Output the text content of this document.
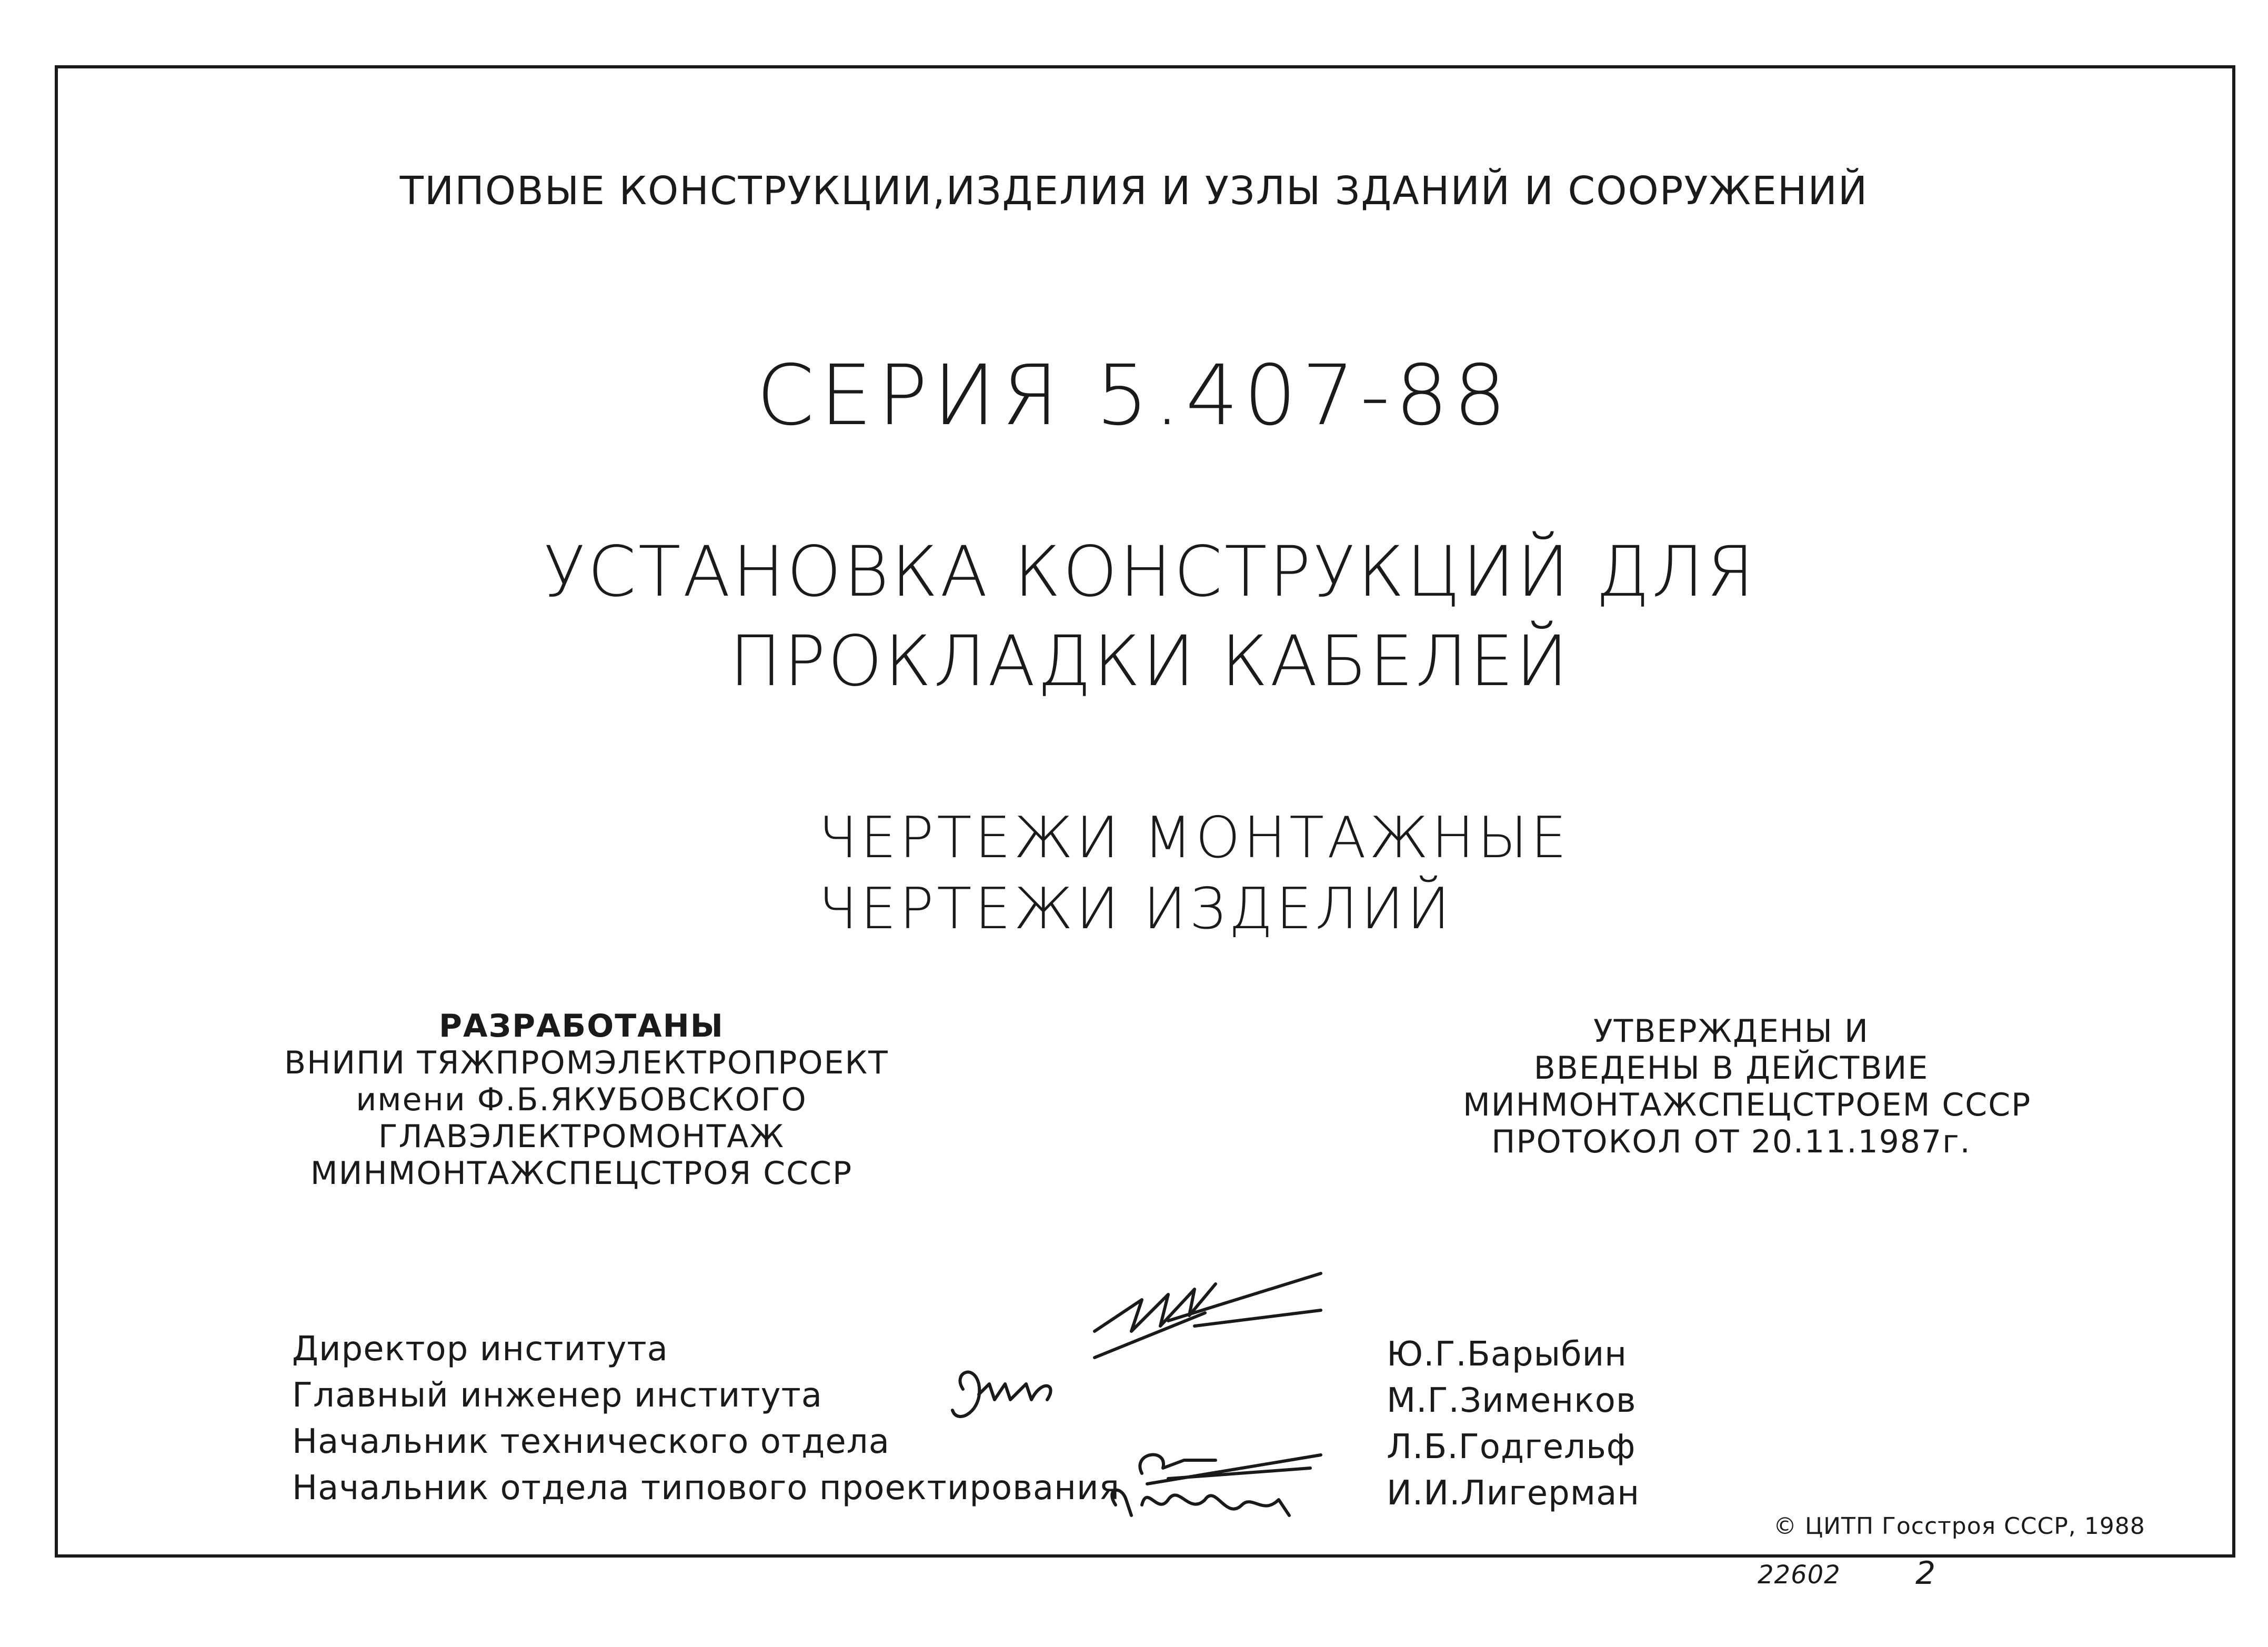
ТИПОВЫЕ КОНСТРУКЦИИ,ИЗДЕЛИЯ И УЗЛЫ ЗДАНИЙ И СООРУЖЕНИЙ
СЕРИЯ 5.407-88
УСТАНОВКА КОНСТРУКЦИЙ ДЛЯ
ПРОКЛАДКИ КАБЕЛЕЙ
ЧЕРТЕЖИ МОНТАЖНЫЕ
ЧЕРТЕЖИ ИЗДЕЛИЙ
РАЗРАБОТАНЫ
ВНИПИ ТЯЖПРОМЭЛЕКТРОПРОЕКТ
имени Ф.Б.ЯКУБОВСКОГО
ГЛАВЭЛЕКТРОМОНТАЖ
МИНМОНТАЖСПЕЦСТРОЯ СССР
УТВЕРЖДЕНЫ И
ВВЕДЕНЫ В ДЕЙСТВИЕ
МИНМОНТАЖСПЕЦСТРОЕМ СССР
ПРОТОКОЛ ОТ 20.11.1987г.
Директор института
Главный инженер института
Начальник технического отдела
Начальник отдела типового проектирования
Ю.Г.Барыбин
М.Г.Зименков
Л.Б.Годгельф
И.И.Лигерман
© ЦИТП Госстроя СССР, 1988
22602 2
